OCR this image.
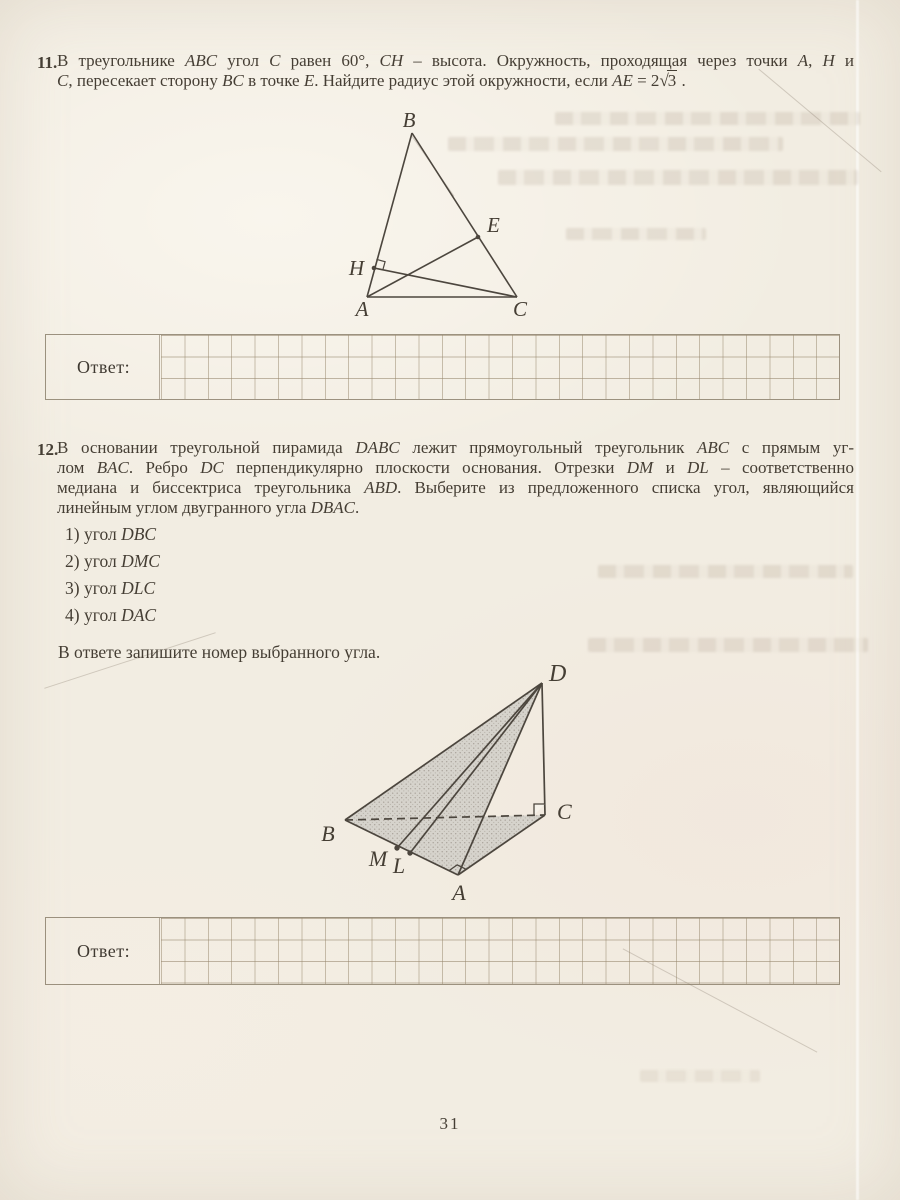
11. В треугольнике ABC угол C равен 60°, CH – высота. Окружность, проходящая через точки A, H и
C, пересекает сторону BC в точке E. Найдите радиус этой окружности, если AE = 2√3 .
B
E
H
A	C
Ответ:
12.
В основании треугольной пирамида DABC лежит прямоугольный треугольник ABC с прямым уг-
лом BAC. Ребро DC перпендикулярно плоскости основания. Отрезки DM и DL – соответственно
медиана и биссектриса треугольника ABD. Выберите из предложенного списка угол, являющийся
линейным углом двугранного угла DBAC.
1) угол DBC
2) угол DMC
3) угол DLC
4) угол DAC
В ответе запишите номер выбранного угла.
D
B
C
A
M L
Ответ:
31
